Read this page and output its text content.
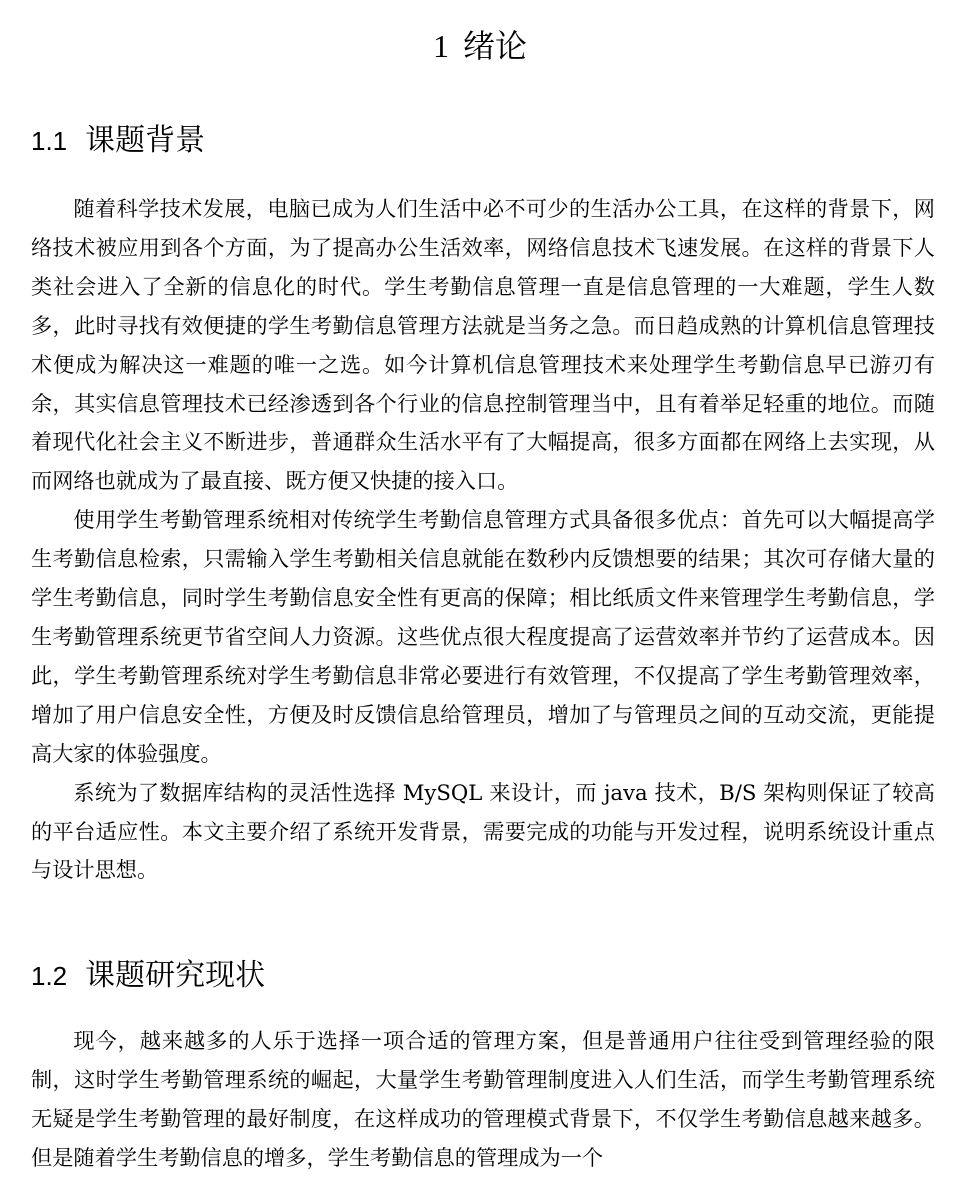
1 绪论
1.1 课题背景

随着科学技术发展，电脑已成为人们生活中必不可少的生活办公工具，在这样的背景下，网络技术被应用到各个方面，为了提高办公生活效率，网络信息技术飞速发展。在这样的背景下人类社会进入了全新的信息化的时代。学生考勤信息管理一直是信息管理的一大难题，学生人数多，此时寻找有效便捷的学生考勤信息管理方法就是当务之急。而日趋成熟的计算机信息管理技术便成为解决这一难题的唯一之选。如今计算机信息管理技术来处理学生考勤信息早已游刃有余，其实信息管理技术已经渗透到各个行业的信息控制管理当中，且有着举足轻重的地位。而随着现代化社会主义不断进步，普通群众生活水平有了大幅提高，很多方面都在网络上去实现，从而网络也就成为了最直接、既方便又快捷的接入口。

使用学生考勤管理系统相对传统学生考勤信息管理方式具备很多优点：首先可以大幅提高学生考勤信息检索，只需输入学生考勤相关信息就能在数秒内反馈想要的结果；其次可存储大量的学生考勤信息，同时学生考勤信息安全性有更高的保障；相比纸质文件来管理学生考勤信息，学生考勤管理系统更节省空间人力资源。这些优点很大程度提高了运营效率并节约了运营成本。因此，学生考勤管理系统对学生考勤信息非常必要进行有效管理，不仅提高了学生考勤管理效率，增加了用户信息安全性，方便及时反馈信息给管理员，增加了与管理员之间的互动交流，更能提高大家的体验强度。

系统为了数据库结构的灵活性选择 MySQL 来设计，而 java 技术，B/S 架构则保证了较高的平台适应性。本文主要介绍了系统开发背景，需要完成的功能与开发过程，说明系统设计重点与设计思想。

1.2 课题研究现状

现今，越来越多的人乐于选择一项合适的管理方案，但是普通用户往往受到管理经验的限制，这时学生考勤管理系统的崛起，大量学生考勤管理制度进入人们生活，而学生考勤管理系统无疑是学生考勤管理的最好制度，在这样成功的管理模式背景下，不仅学生考勤信息越来越多。但是随着学生考勤信息的增多，学生考勤信息的管理成为一个
